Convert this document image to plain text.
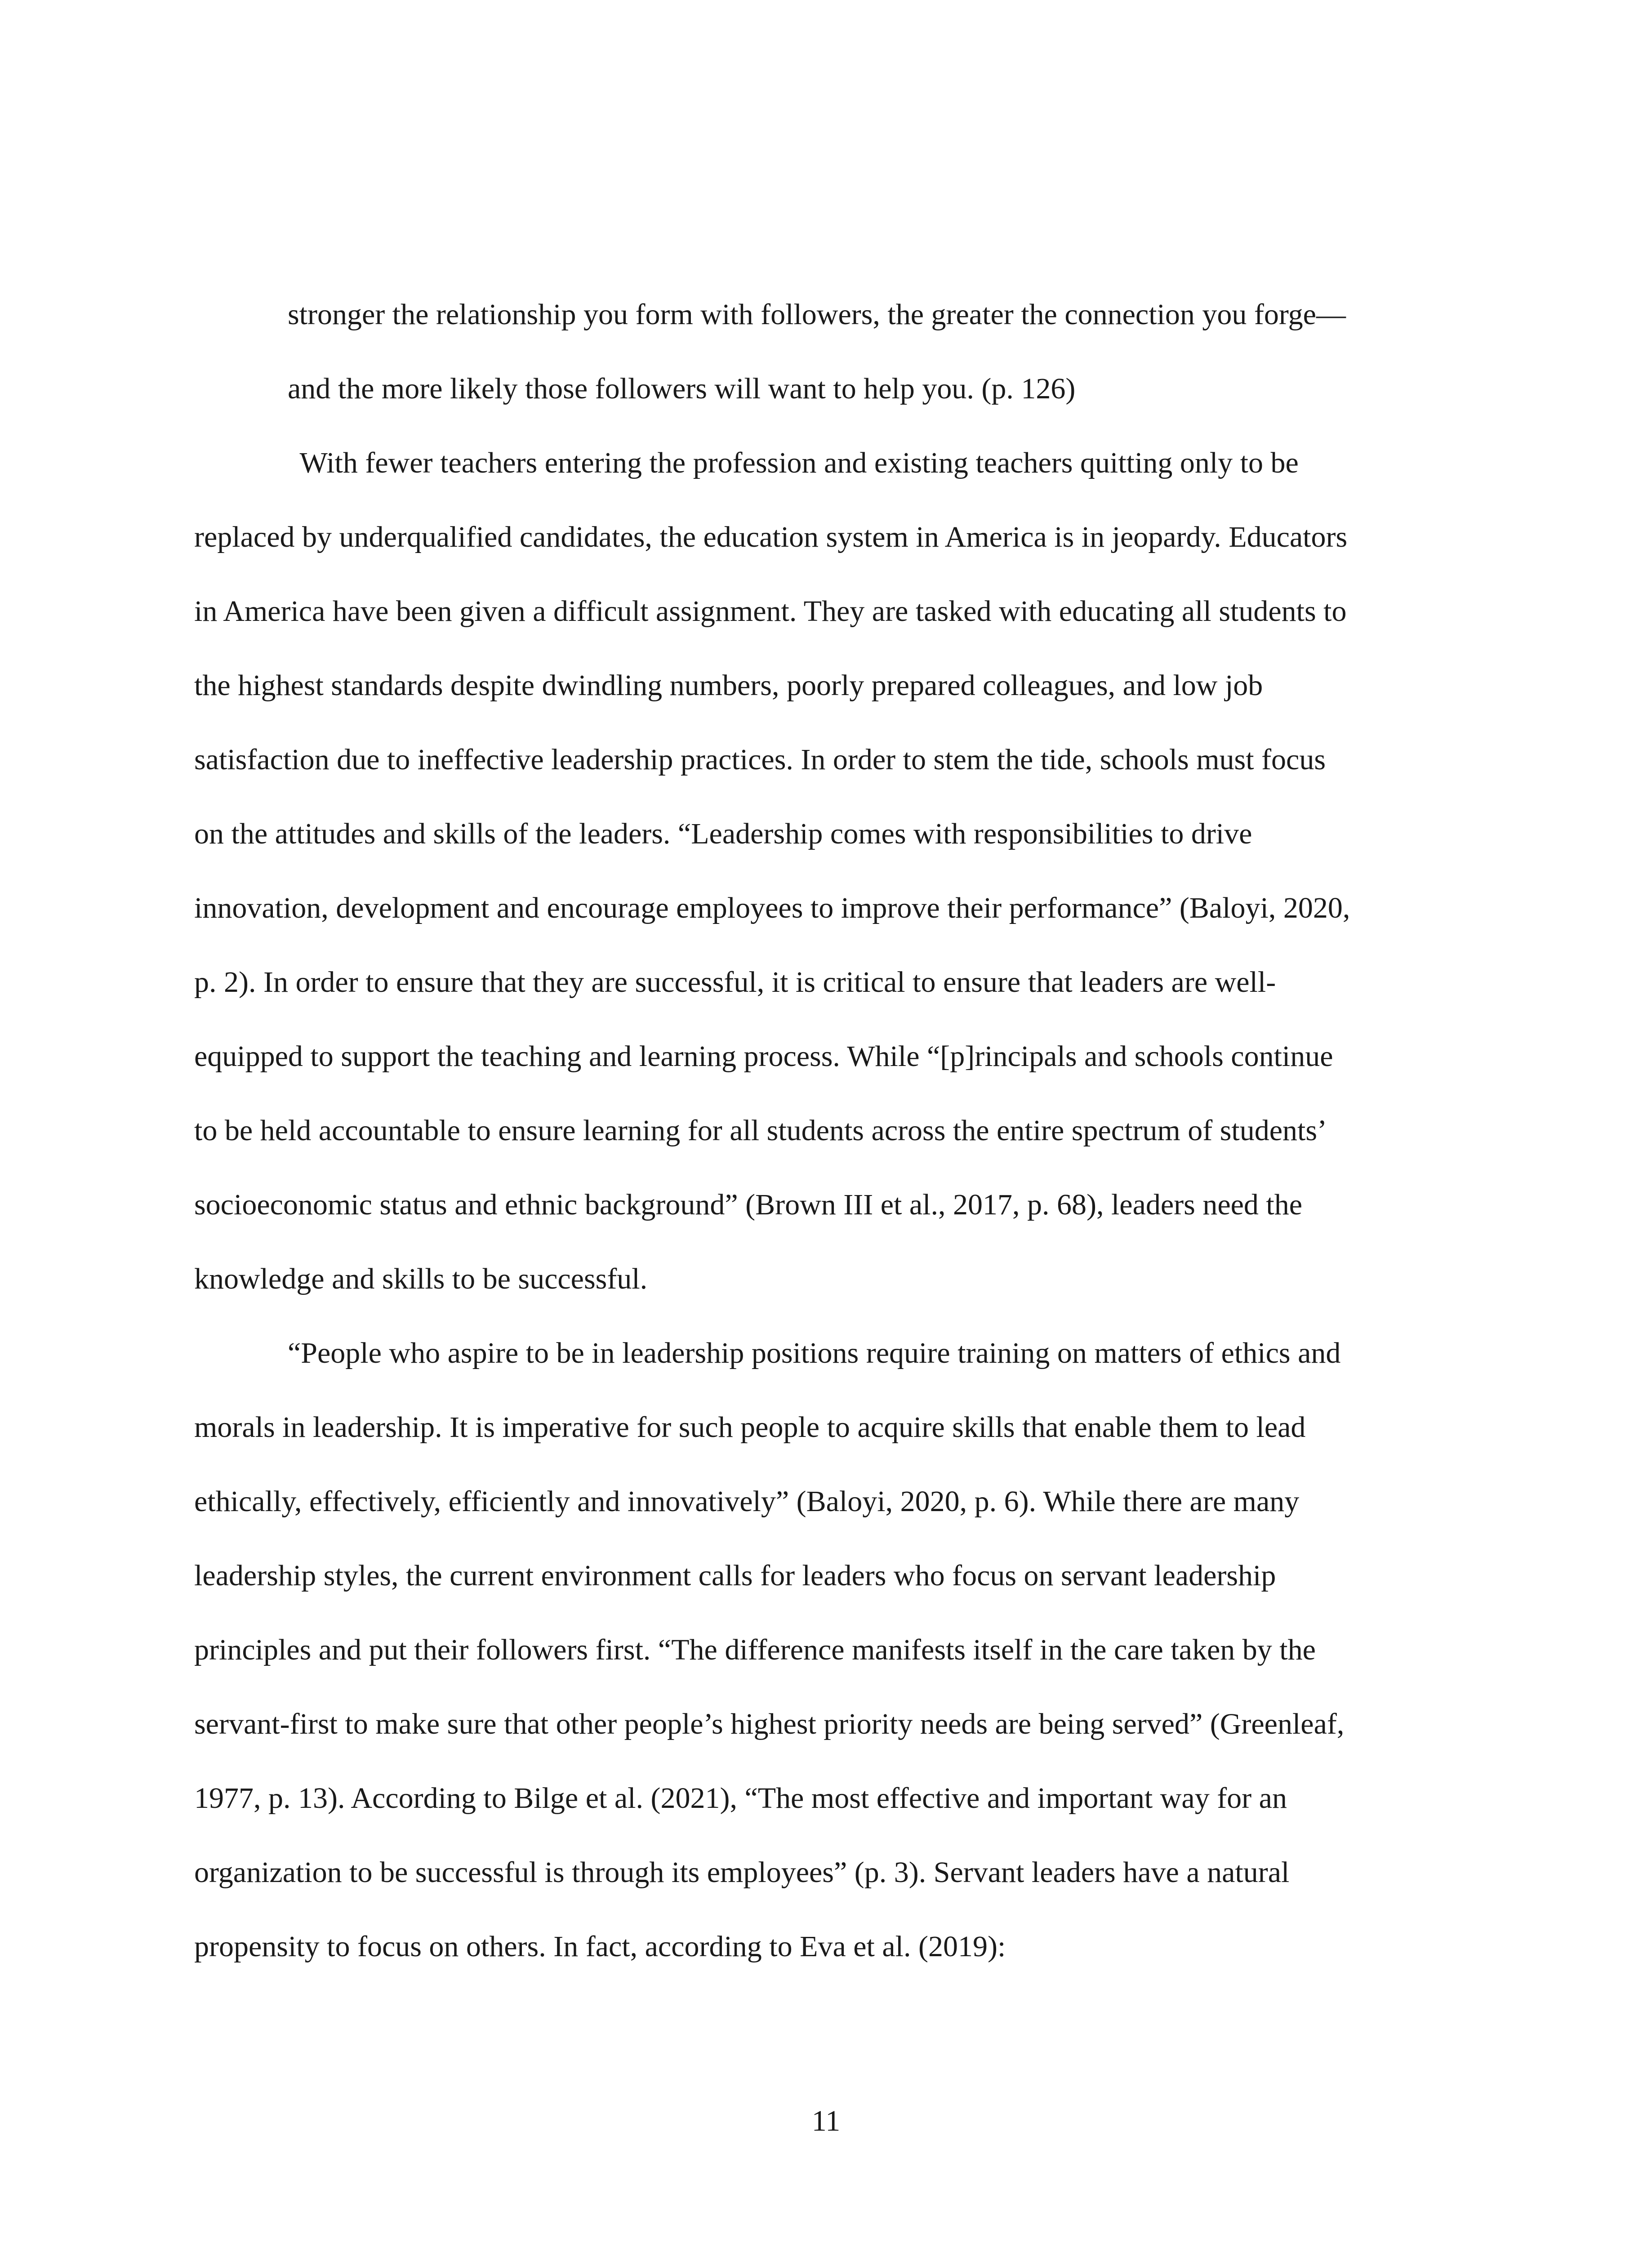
stronger the relationship you form with followers, the greater the connection you forge—
and the more likely those followers will want to help you. (p. 126)
With fewer teachers entering the profession and existing teachers quitting only to be
replaced by underqualified candidates, the education system in America is in jeopardy. Educators
in America have been given a difficult assignment. They are tasked with educating all students to
the highest standards despite dwindling numbers, poorly prepared colleagues, and low job
satisfaction due to ineffective leadership practices. In order to stem the tide, schools must focus
on the attitudes and skills of the leaders. “Leadership comes with responsibilities to drive
innovation, development and encourage employees to improve their performance” (Baloyi, 2020,
p. 2). In order to ensure that they are successful, it is critical to ensure that leaders are well-
equipped to support the teaching and learning process. While “[p]rincipals and schools continue
to be held accountable to ensure learning for all students across the entire spectrum of students’
socioeconomic status and ethnic background” (Brown III et al., 2017, p. 68), leaders need the
knowledge and skills to be successful.
“People who aspire to be in leadership positions require training on matters of ethics and
morals in leadership. It is imperative for such people to acquire skills that enable them to lead
ethically, effectively, efficiently and innovatively” (Baloyi, 2020, p. 6). While there are many
leadership styles, the current environment calls for leaders who focus on servant leadership
principles and put their followers first. “The difference manifests itself in the care taken by the
servant-first to make sure that other people’s highest priority needs are being served” (Greenleaf,
1977, p. 13). According to Bilge et al. (2021), “The most effective and important way for an
organization to be successful is through its employees” (p. 3). Servant leaders have a natural
propensity to focus on others. In fact, according to Eva et al. (2019):
11
